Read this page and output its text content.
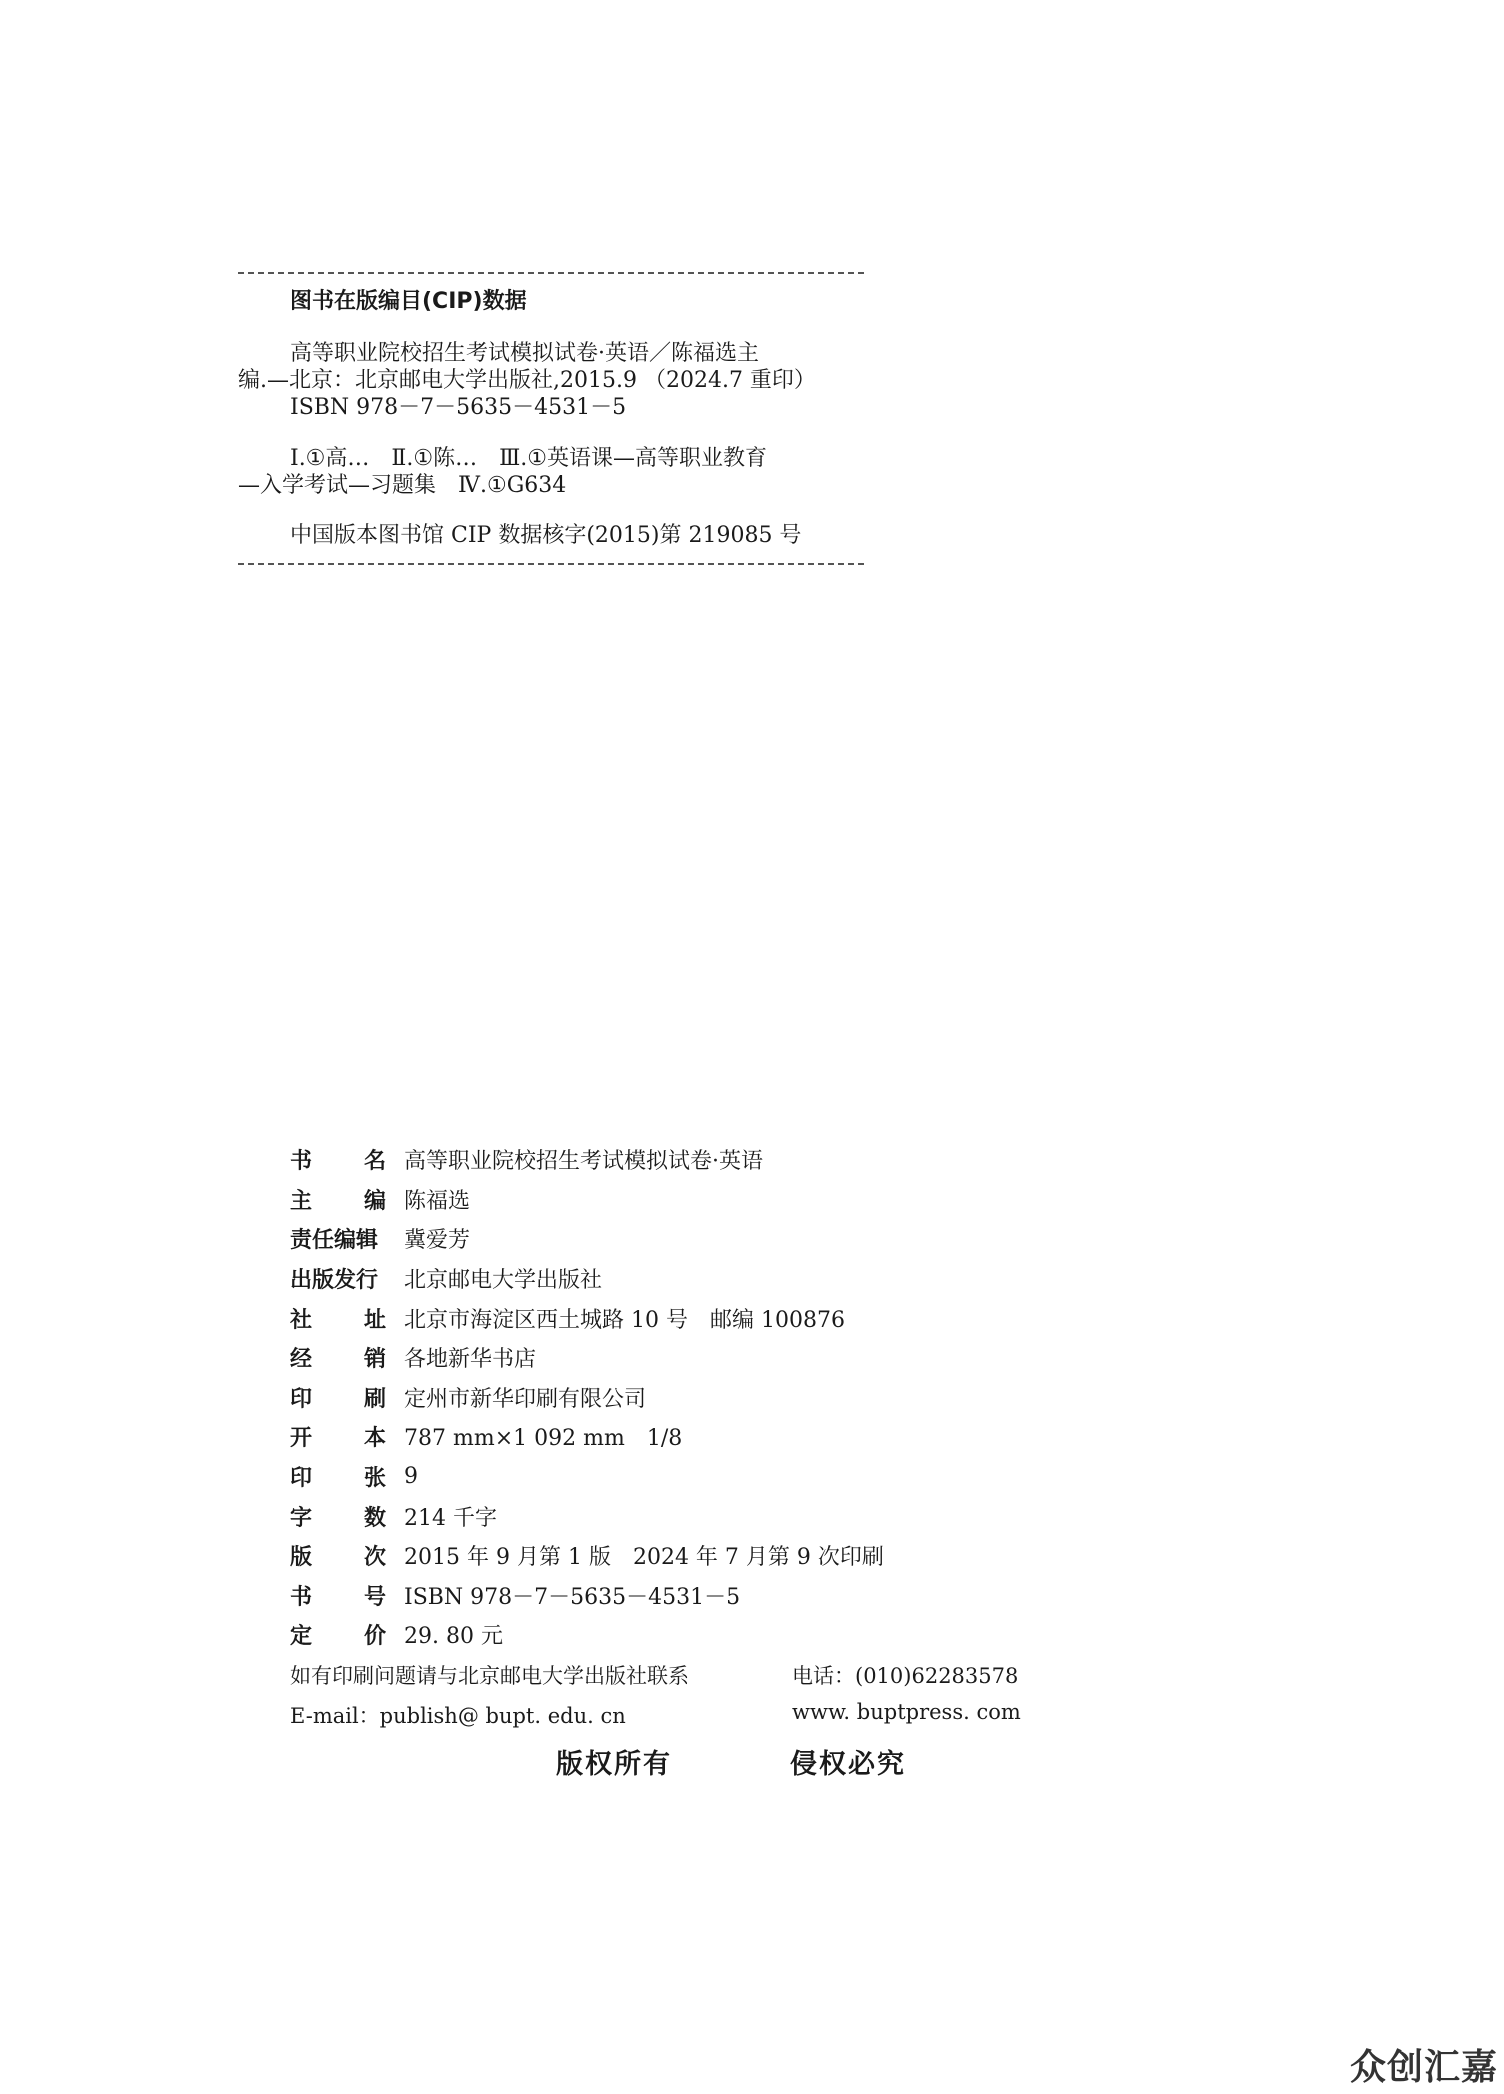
图书在版编目(CIP)数据
高等职业院校招生考试模拟试卷·英语／陈福选主
编.—北京：北京邮电大学出版社,2015.9 （2024.7 重印）
ISBN 978－7－5635－4531－5
Ⅰ.①高…　Ⅱ.①陈…　Ⅲ.①英语课—高等职业教育
—入学考试—习题集　Ⅳ.①G634
中国版本图书馆 CIP 数据核字(2015)第 219085 号
书 名 高等职业院校招生考试模拟试卷·英语
主 编 陈福选
责任编辑 冀爱芳
出版发行 北京邮电大学出版社
社 址 北京市海淀区西土城路 10 号　邮编 100876
经 销 各地新华书店
印 刷 定州市新华印刷有限公司
开 本 787 mm×1 092 mm　1/8
印 张 9
字 数 214 千字
版 次 2015 年 9 月第 1 版　2024 年 7 月第 9 次印刷
书 号 ISBN 978－7－5635－4531－5
定 价 29. 80 元
如有印刷问题请与北京邮电大学出版社联系	电话：(010)62283578
E-mail：publish@ bupt. edu. cn	www. buptpress. com
版权所有	侵权必究
众创汇嘉
